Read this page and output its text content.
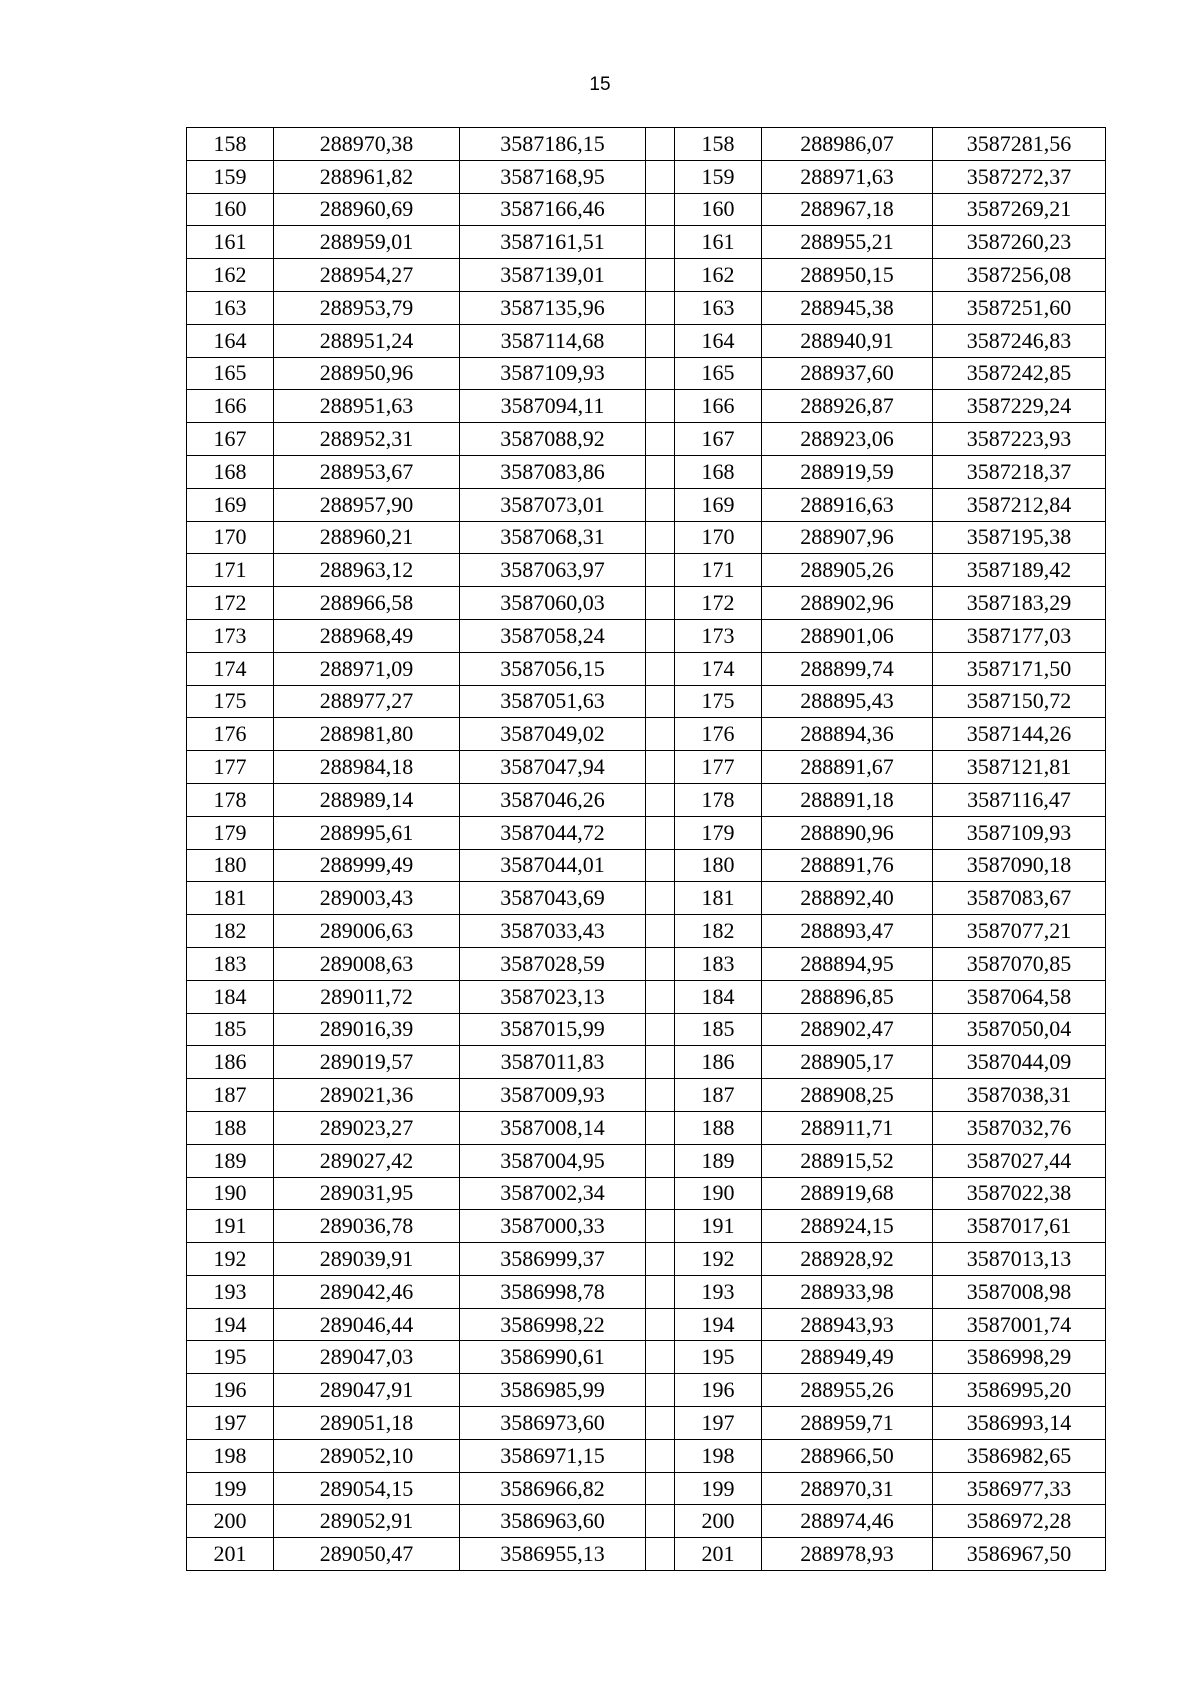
15
158	288970,38	3587186,15		158	288986,07	3587281,56
159	288961,82	3587168,95		159	288971,63	3587272,37
160	288960,69	3587166,46		160	288967,18	3587269,21
161	288959,01	3587161,51		161	288955,21	3587260,23
162	288954,27	3587139,01		162	288950,15	3587256,08
163	288953,79	3587135,96		163	288945,38	3587251,60
164	288951,24	3587114,68		164	288940,91	3587246,83
165	288950,96	3587109,93		165	288937,60	3587242,85
166	288951,63	3587094,11		166	288926,87	3587229,24
167	288952,31	3587088,92		167	288923,06	3587223,93
168	288953,67	3587083,86		168	288919,59	3587218,37
169	288957,90	3587073,01		169	288916,63	3587212,84
170	288960,21	3587068,31		170	288907,96	3587195,38
171	288963,12	3587063,97		171	288905,26	3587189,42
172	288966,58	3587060,03		172	288902,96	3587183,29
173	288968,49	3587058,24		173	288901,06	3587177,03
174	288971,09	3587056,15		174	288899,74	3587171,50
175	288977,27	3587051,63		175	288895,43	3587150,72
176	288981,80	3587049,02		176	288894,36	3587144,26
177	288984,18	3587047,94		177	288891,67	3587121,81
178	288989,14	3587046,26		178	288891,18	3587116,47
179	288995,61	3587044,72		179	288890,96	3587109,93
180	288999,49	3587044,01		180	288891,76	3587090,18
181	289003,43	3587043,69		181	288892,40	3587083,67
182	289006,63	3587033,43		182	288893,47	3587077,21
183	289008,63	3587028,59		183	288894,95	3587070,85
184	289011,72	3587023,13		184	288896,85	3587064,58
185	289016,39	3587015,99		185	288902,47	3587050,04
186	289019,57	3587011,83		186	288905,17	3587044,09
187	289021,36	3587009,93		187	288908,25	3587038,31
188	289023,27	3587008,14		188	288911,71	3587032,76
189	289027,42	3587004,95		189	288915,52	3587027,44
190	289031,95	3587002,34		190	288919,68	3587022,38
191	289036,78	3587000,33		191	288924,15	3587017,61
192	289039,91	3586999,37		192	288928,92	3587013,13
193	289042,46	3586998,78		193	288933,98	3587008,98
194	289046,44	3586998,22		194	288943,93	3587001,74
195	289047,03	3586990,61		195	288949,49	3586998,29
196	289047,91	3586985,99		196	288955,26	3586995,20
197	289051,18	3586973,60		197	288959,71	3586993,14
198	289052,10	3586971,15		198	288966,50	3586982,65
199	289054,15	3586966,82		199	288970,31	3586977,33
200	289052,91	3586963,60		200	288974,46	3586972,28
201	289050,47	3586955,13		201	288978,93	3586967,50
